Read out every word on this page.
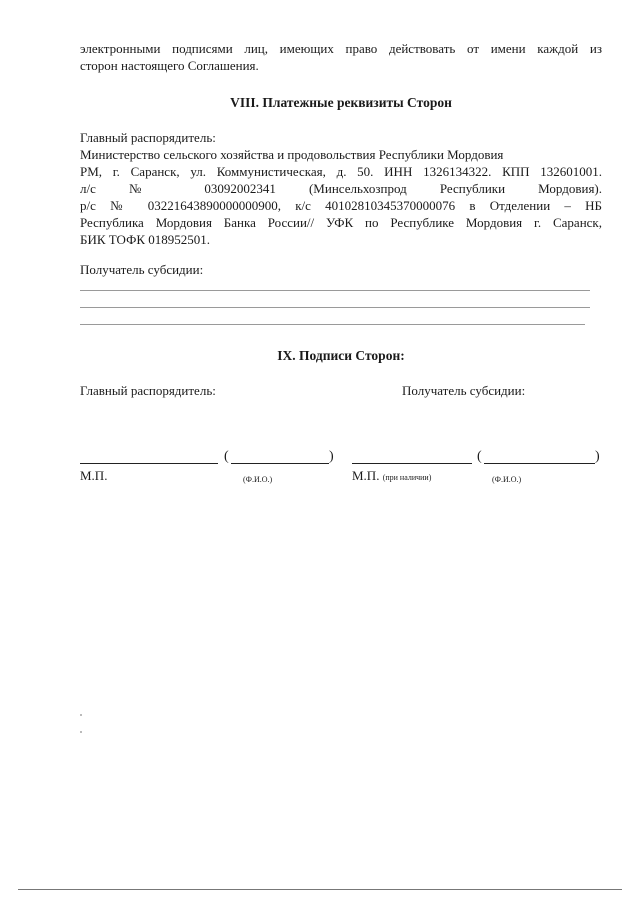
электронными подписями лиц, имеющих право действовать от имени каждой из
сторон настоящего Соглашения.
VIII. Платежные реквизиты Сторон
Главный распорядитель:
Министерство сельского хозяйства и продовольствия Республики Мордовия
РМ, г. Саранск, ул. Коммунистическая, д. 50. ИНН 1326134322. КПП 132601001.
л/с № 03092002341 (Минсельхозпрод Республики Мордовия).
р/с № 03221643890000000900, к/с 40102810345370000076 в Отделении – НБ
Республика Мордовия Банка России// УФК по Республике Мордовия г. Саранск,
БИК ТОФК 018952501.
Получатель субсидии:
IX. Подписи Сторон:
Главный распорядитель:	Получатель субсидии:
(	)
М.П.	(Ф.И.О.)
(	)
М.П. (при наличии)	(Ф.И.О.)
